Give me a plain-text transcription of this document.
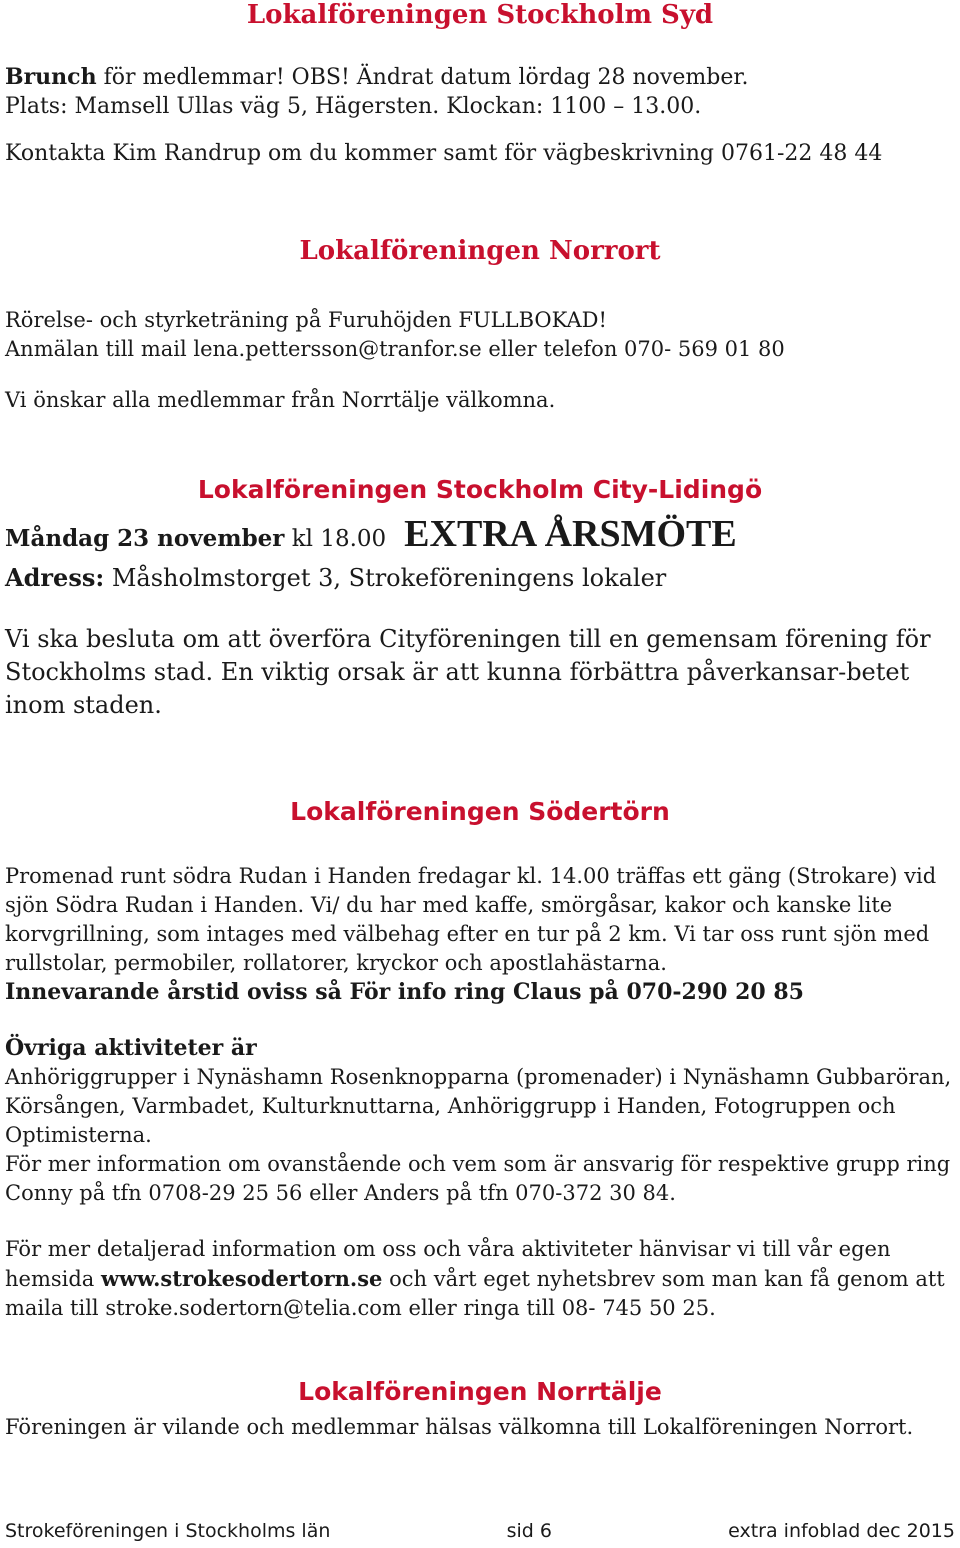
Lokalföreningen Stockholm Syd

Brunch för medlemmar! OBS! Ändrat datum lördag 28 november.

Plats: Mamsell Ullas väg 5, Hägersten. Klockan: 1100 – 13.00.

Kontakta Kim Randrup om du kommer samt för vägbeskrivning 0761-22 48 44

Lokalföreningen Norrort

Rörelse- och styrketräning på Furuhöjden FULLBOKAD!

Anmälan till mail lena.pettersson@tranfor.se eller telefon 070- 569 01 80

Vi önskar alla medlemmar från Norrtälje välkomna.

Lokalföreningen Stockholm City-Lidingö

Måndag 23 november kl 18.00 EXTRA ÅRSMÖTE

Adress: Måsholmstorget 3, Strokeföreningens lokaler

Vi ska besluta om att överföra Cityföreningen till en gemensam förening för Stockholms stad. En viktig orsak är att kunna förbättra påverkansar-betet inom staden.

Lokalföreningen Södertörn

Promenad runt södra Rudan i Handen fredagar kl. 14.00 träffas ett gäng (Strokare) vid sjön Södra Rudan i Handen. Vi/ du har med kaffe, smörgåsar, kakor och kanske lite korvgrillning, som intages med välbehag efter en tur på 2 km. Vi tar oss runt sjön med rullstolar, permobiler, rollatorer, kryckor och apostlahästarna.

Innevarande årstid oviss så För info ring Claus på 070-290 20 85

Övriga aktiviteter är

Anhöriggrupper i Nynäshamn Rosenknopparna (promenader) i Nynäshamn Gubbaröran, Körsången, Varmbadet, Kulturknuttarna, Anhöriggrupp i Handen, Fotogruppen och Optimisterna.

För mer information om ovanstående och vem som är ansvarig för respektive grupp ring Conny på tfn 0708-29 25 56 eller Anders på tfn 070-372 30 84.

För mer detaljerad information om oss och våra aktiviteter hänvisar vi till vår egen hemsida www.strokesodertorn.se och vårt eget nyhetsbrev som man kan få genom att maila till stroke.sodertorn@telia.com eller ringa till 08- 745 50 25.

Lokalföreningen Norrtälje

Föreningen är vilande och medlemmar hälsas välkomna till Lokalföreningen Norrort.

Strokeföreningen i Stockholms län	sid 6	extra infoblad dec 2015
